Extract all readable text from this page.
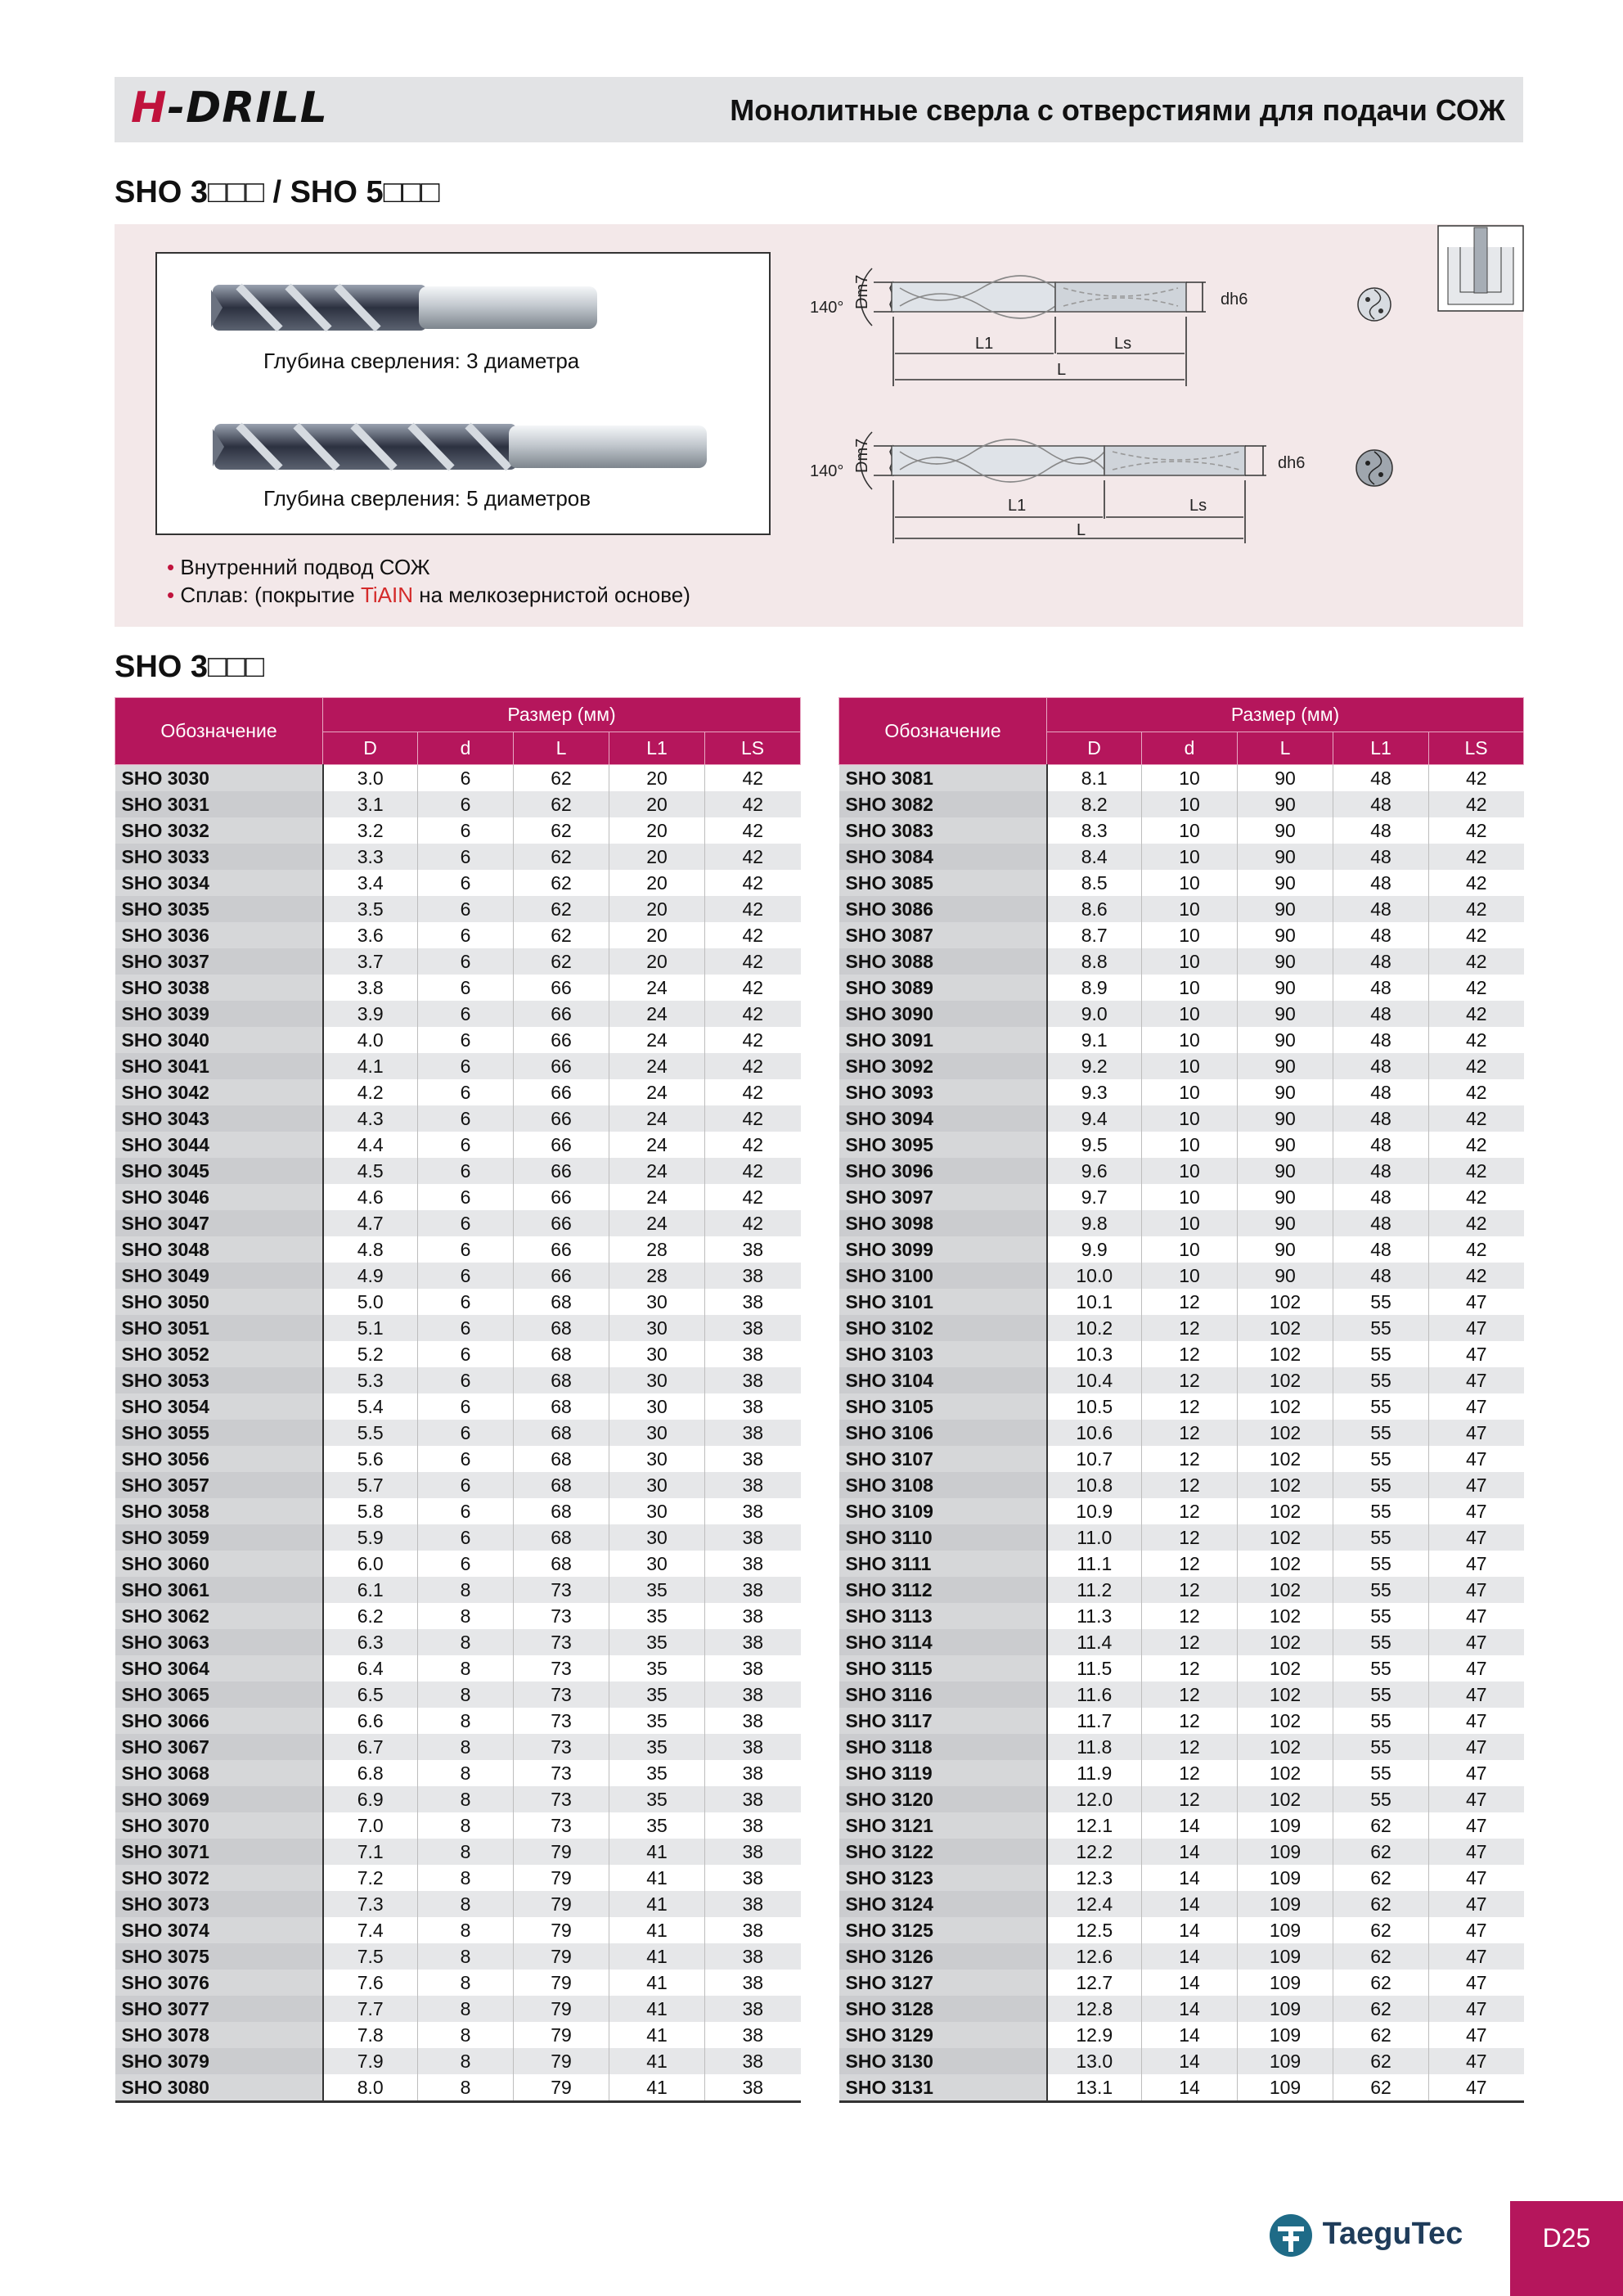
H-DRILL	Монолитные сверла с отверстиями для подачи СОЖ
SHO 3□□□ / SHO 5□□□
Глубина сверления: 3 диаметра
Глубина сверления: 5 диаметров
140° Dm7	dh6
L1	Ls
L
140° Dm7	dh6
L1	Ls
L
• Внутренний подвод СОЖ
• Сплав: (покрытие TiAIN на мелкозернистой основе)
SHO 3□□□
Обозначение	Размер (мм)				
	D	d	L	L1	LS
SHO 3030	3.0	6	62	20	42
SHO 3031	3.1	6	62	20	42
SHO 3032	3.2	6	62	20	42
SHO 3033	3.3	6	62	20	42
SHO 3034	3.4	6	62	20	42
SHO 3035	3.5	6	62	20	42
SHO 3036	3.6	6	62	20	42
SHO 3037	3.7	6	62	20	42
SHO 3038	3.8	6	66	24	42
SHO 3039	3.9	6	66	24	42
SHO 3040	4.0	6	66	24	42
SHO 3041	4.1	6	66	24	42
SHO 3042	4.2	6	66	24	42
SHO 3043	4.3	6	66	24	42
SHO 3044	4.4	6	66	24	42
SHO 3045	4.5	6	66	24	42
SHO 3046	4.6	6	66	24	42
SHO 3047	4.7	6	66	24	42
SHO 3048	4.8	6	66	28	38
SHO 3049	4.9	6	66	28	38
SHO 3050	5.0	6	68	30	38
SHO 3051	5.1	6	68	30	38
SHO 3052	5.2	6	68	30	38
SHO 3053	5.3	6	68	30	38
SHO 3054	5.4	6	68	30	38
SHO 3055	5.5	6	68	30	38
SHO 3056	5.6	6	68	30	38
SHO 3057	5.7	6	68	30	38
SHO 3058	5.8	6	68	30	38
SHO 3059	5.9	6	68	30	38
SHO 3060	6.0	6	68	30	38
SHO 3061	6.1	8	73	35	38
SHO 3062	6.2	8	73	35	38
SHO 3063	6.3	8	73	35	38
SHO 3064	6.4	8	73	35	38
SHO 3065	6.5	8	73	35	38
SHO 3066	6.6	8	73	35	38
SHO 3067	6.7	8	73	35	38
SHO 3068	6.8	8	73	35	38
SHO 3069	6.9	8	73	35	38
SHO 3070	7.0	8	73	35	38
SHO 3071	7.1	8	79	41	38
SHO 3072	7.2	8	79	41	38
SHO 3073	7.3	8	79	41	38
SHO 3074	7.4	8	79	41	38
SHO 3075	7.5	8	79	41	38
SHO 3076	7.6	8	79	41	38
SHO 3077	7.7	8	79	41	38
SHO 3078	7.8	8	79	41	38
SHO 3079	7.9	8	79	41	38
SHO 3080	8.0	8	79	41	38
Обозначение	Размер (мм)				
	D	d	L	L1	LS
SHO 3081	8.1	10	90	48	42
SHO 3082	8.2	10	90	48	42
SHO 3083	8.3	10	90	48	42
SHO 3084	8.4	10	90	48	42
SHO 3085	8.5	10	90	48	42
SHO 3086	8.6	10	90	48	42
SHO 3087	8.7	10	90	48	42
SHO 3088	8.8	10	90	48	42
SHO 3089	8.9	10	90	48	42
SHO 3090	9.0	10	90	48	42
SHO 3091	9.1	10	90	48	42
SHO 3092	9.2	10	90	48	42
SHO 3093	9.3	10	90	48	42
SHO 3094	9.4	10	90	48	42
SHO 3095	9.5	10	90	48	42
SHO 3096	9.6	10	90	48	42
SHO 3097	9.7	10	90	48	42
SHO 3098	9.8	10	90	48	42
SHO 3099	9.9	10	90	48	42
SHO 3100	10.0	10	90	48	42
SHO 3101	10.1	12	102	55	47
SHO 3102	10.2	12	102	55	47
SHO 3103	10.3	12	102	55	47
SHO 3104	10.4	12	102	55	47
SHO 3105	10.5	12	102	55	47
SHO 3106	10.6	12	102	55	47
SHO 3107	10.7	12	102	55	47
SHO 3108	10.8	12	102	55	47
SHO 3109	10.9	12	102	55	47
SHO 3110	11.0	12	102	55	47
SHO 3111	11.1	12	102	55	47
SHO 3112	11.2	12	102	55	47
SHO 3113	11.3	12	102	55	47
SHO 3114	11.4	12	102	55	47
SHO 3115	11.5	12	102	55	47
SHO 3116	11.6	12	102	55	47
SHO 3117	11.7	12	102	55	47
SHO 3118	11.8	12	102	55	47
SHO 3119	11.9	12	102	55	47
SHO 3120	12.0	12	102	55	47
SHO 3121	12.1	14	109	62	47
SHO 3122	12.2	14	109	62	47
SHO 3123	12.3	14	109	62	47
SHO 3124	12.4	14	109	62	47
SHO 3125	12.5	14	109	62	47
SHO 3126	12.6	14	109	62	47
SHO 3127	12.7	14	109	62	47
SHO 3128	12.8	14	109	62	47
SHO 3129	12.9	14	109	62	47
SHO 3130	13.0	14	109	62	47
SHO 3131	13.1	14	109	62	47
TaeguTec	D25
